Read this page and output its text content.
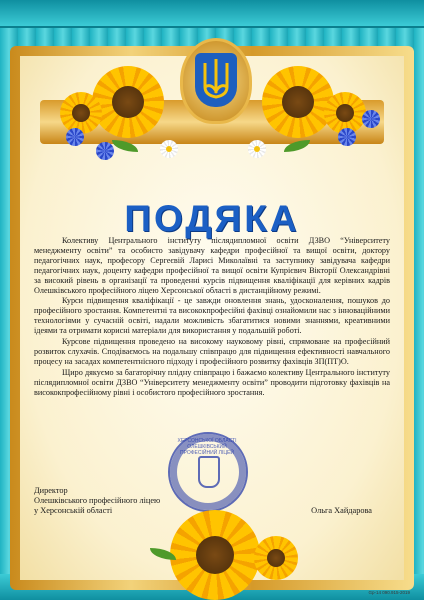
ПОДЯКА

Колективу Центрального інституту післядипломної освіти ДЗВО “Університету менеджменту освіти” та особисто завідувачу кафедри професійної та вищої освіти, доктору педагогічних наук, професору Сергеєвій Ларисі Миколаївні та заступнику завідувача кафедри педагогічних наук, доценту кафедри професійної та вищої освіти Купрієвич Вікторії Олександрівні за високий рівень в організації та проведенні курсів підвищення кваліфікації для керівних кадрів Олешківського професійного ліцею Херсонської області в дистанційному режимі.

Курси підвищення кваліфікації - це завжди оновлення знань, удосконалення, пошуков до професійного зростання. Компетентні та висококпрофесійні фахівці ознайомили нас з інноваційними технологіями у сучасній освіті, надали можливість збагатитися новими знаннями, креативними ідеями та отримати корисні матеріали для використання у подальшій роботі.

Курсове підвищення проведено на високому науковому рівні, спрямоване на професійний розвиток слухачів. Сподіваємось на подальшу співпрацю для підвищення ефективності навчального процесу на засадах компетентнісного підходу і професійного розвитку фахівців ЗП(ПТ)О.

Щиро дякуємо за багаторічну плідну співпрацю і бажаємо колективу Центрального інституту післядипломної освіти ДЗВО “Університету менеджменту освіти” проводити підготовку фахівців на висококпрофесійному рівні і особистого професійного зростання.

ХЕРСОНСЬКОЇ ОБЛАСТІ ОЛЕШКІВСЬКИЙ ПРОФЕСІЙНИЙ ЛІЦЕЙ
Директор
Олешківського професійного ліцею
у Херсонській області	Ольга Хайдарова
Gp-14 090.915-2019
